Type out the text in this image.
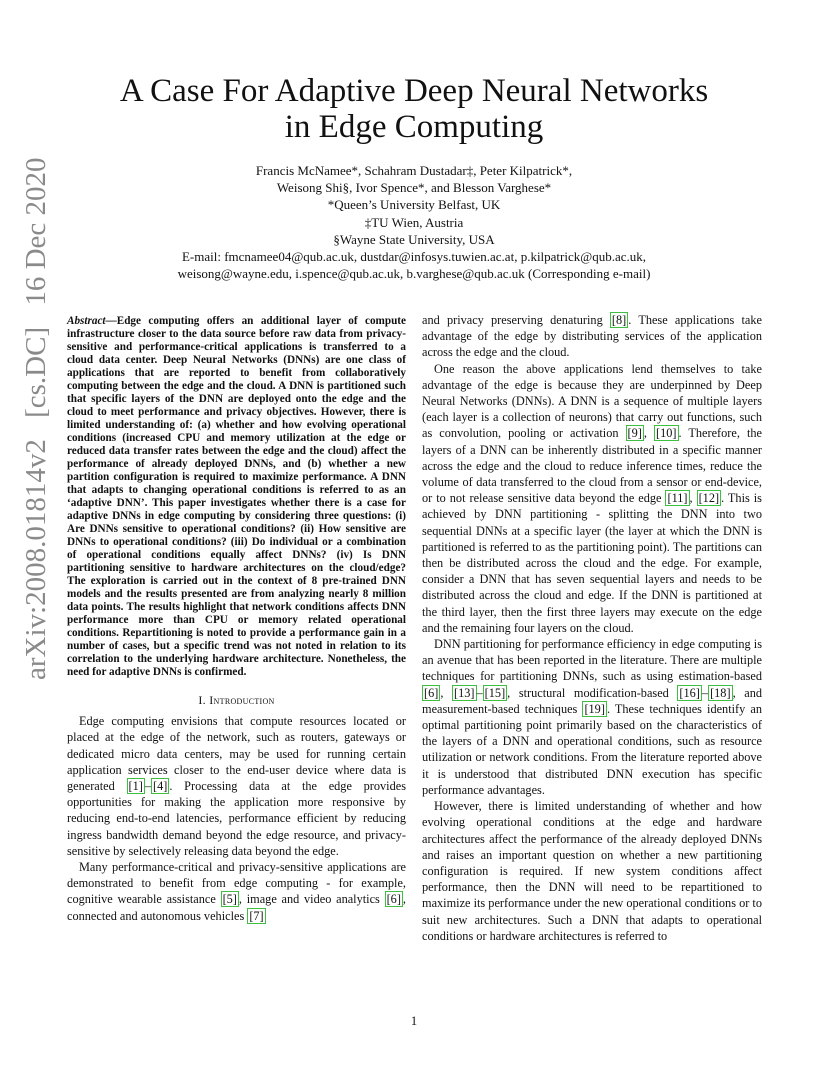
A Case For Adaptive Deep Neural Networks
in Edge Computing
Francis McNamee*, Schahram Dustadar‡, Peter Kilpatrick*,
Weisong Shi§, Ivor Spence*, and Blesson Varghese*
*Queen’s University Belfast, UK
‡TU Wien, Austria
§Wayne State University, USA
E-mail: fmcnamee04@qub.ac.uk, dustdar@infosys.tuwien.ac.at, p.kilpatrick@qub.ac.uk,
weisong@wayne.edu, i.spence@qub.ac.uk, b.varghese@qub.ac.uk (Corresponding e-mail)
arXiv:2008.01814v2 [cs.DC] 16 Dec 2020

Abstract—Edge computing offers an additional layer of compute infrastructure closer to the data source before raw data from privacy-sensitive and performance-critical applications is transferred to a cloud data center. Deep Neural Networks (DNNs) are one class of applications that are reported to benefit from collaboratively computing between the edge and the cloud. A DNN is partitioned such that specific layers of the DNN are deployed onto the edge and the cloud to meet performance and privacy objectives. However, there is limited understanding of: (a) whether and how evolving operational conditions (increased CPU and memory utilization at the edge or reduced data transfer rates between the edge and the cloud) affect the performance of already deployed DNNs, and (b) whether a new partition configuration is required to maximize performance. A DNN that adapts to changing operational conditions is referred to as an ‘adaptive DNN’. This paper investigates whether there is a case for adaptive DNNs in edge computing by considering three questions: (i) Are DNNs sensitive to operational conditions? (ii) How sensitive are DNNs to operational conditions? (iii) Do individual or a combination of operational conditions equally affect DNNs? (iv) Is DNN partitioning sensitive to hardware architectures on the cloud/edge? The exploration is carried out in the context of 8 pre-trained DNN models and the results presented are from analyzing nearly 8 million data points. The results highlight that network conditions affects DNN performance more than CPU or memory related operational conditions. Repartitioning is noted to provide a performance gain in a number of cases, but a specific trend was not noted in relation to its correlation to the underlying hardware architecture. Nonetheless, the need for adaptive DNNs is confirmed.

I. Introduction

Edge computing envisions that compute resources located or placed at the edge of the network, such as routers, gateways or dedicated micro data centers, may be used for running certain application services closer to the end-user device where data is generated [1] – [4] . Processing data at the edge provides opportunities for making the application more responsive by reducing end-to-end latencies, performance efficient by reducing ingress bandwidth demand beyond the edge resource, and privacy-sensitive by selectively releasing data beyond the edge.

Many performance-critical and privacy-sensitive applications are demonstrated to benefit from edge computing - for example, cognitive wearable assistance [5] , image and video analytics [6] , connected and autonomous vehicles [7]

and privacy preserving denaturing [8] . These applications take advantage of the edge by distributing services of the application across the edge and the cloud.

One reason the above applications lend themselves to take advantage of the edge is because they are underpinned by Deep Neural Networks (DNNs). A DNN is a sequence of multiple layers (each layer is a collection of neurons) that carry out functions, such as convolution, pooling or activation [9] , [10] . Therefore, the layers of a DNN can be inherently distributed in a specific manner across the edge and the cloud to reduce inference times, reduce the volume of data transferred to the cloud from a sensor or end-device, or to not release sensitive data beyond the edge [11] , [12] . This is achieved by DNN partitioning - splitting the DNN into two sequential DNNs at a specific layer (the layer at which the DNN is partitioned is referred to as the partitioning point). The partitions can then be distributed across the cloud and the edge. For example, consider a DNN that has seven sequential layers and needs to be distributed across the cloud and edge. If the DNN is partitioned at the third layer, then the first three layers may execute on the edge and the remaining four layers on the cloud.

DNN partitioning for performance efficiency in edge computing is an avenue that has been reported in the literature. There are multiple techniques for partitioning DNNs, such as using estimation-based [6] , [13] – [15] , structural modification-based [16] – [18] , and measurement-based techniques [19] . These techniques identify an optimal partitioning point primarily based on the characteristics of the layers of a DNN and operational conditions, such as resource utilization or network conditions. From the literature reported above it is understood that distributed DNN execution has specific performance advantages.

However, there is limited understanding of whether and how evolving operational conditions at the edge and hardware architectures affect the performance of the already deployed DNNs and raises an important question on whether a new partitioning configuration is required. If new system conditions affect performance, then the DNN will need to be repartitioned to maximize its performance under the new operational conditions or to suit new architectures. Such a DNN that adapts to operational conditions or hardware architectures is referred to

1
